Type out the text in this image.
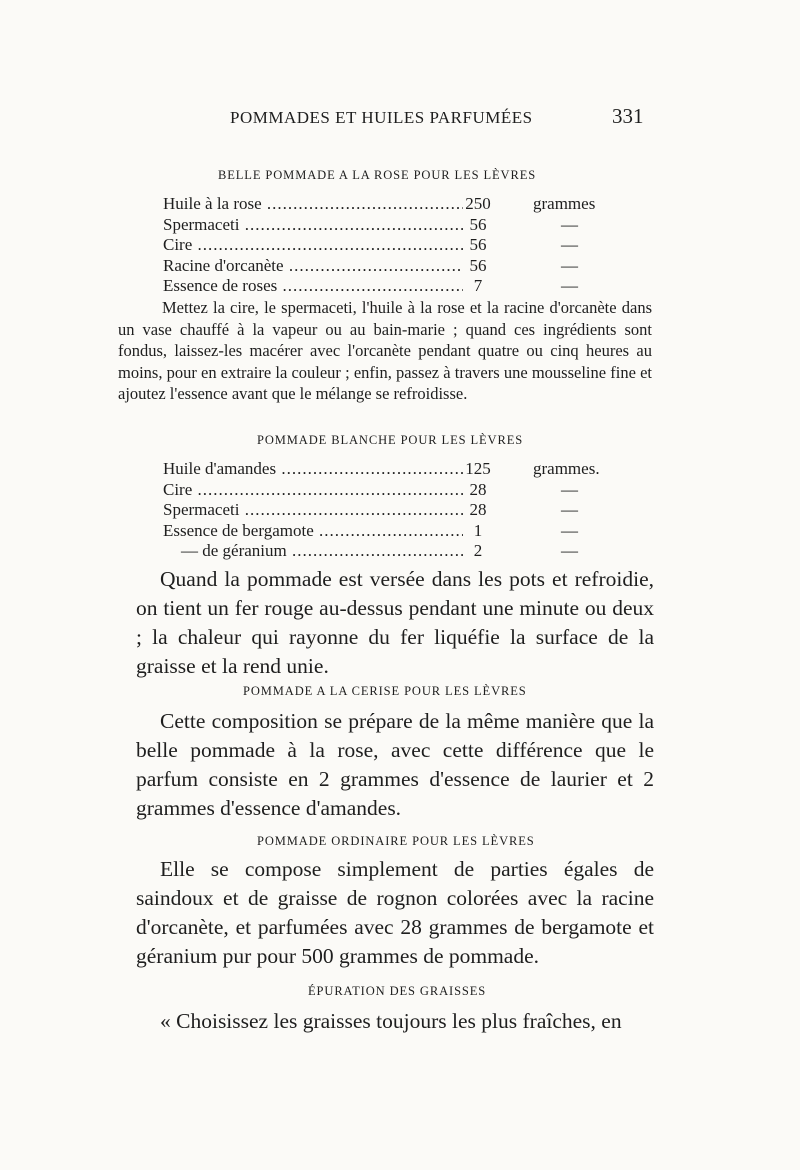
POMMADES ET HUILES PARFUMÉES	331
BELLE POMMADE A LA ROSE POUR LES LÈVRES
Huile à la rose .....	250 grammes
Spermaceti .....	56	—
Cire .....	56	—
Racine d'orcanète .....	56	—
Essence de roses .....	7	—

Mettez la cire, le spermaceti, l'huile à la rose et la racine d'orcanète dans un vase chauffé à la vapeur ou au bain-marie ; quand ces ingrédients sont fondus, laissez-les macérer avec l'orcanète pendant quatre ou cinq heures au moins, pour en extraire la couleur ; enfin, passez à travers une mousseline fine et ajoutez l'essence avant que le mélange se refroidisse.

POMMADE BLANCHE POUR LES LÈVRES
Huile d'amandes .....	125 grammes.
Cire .....	28	—
Spermaceti .....	28	—
Essence de bergamote .....	1	—
— de géranium .....	2	—

Quand la pommade est versée dans les pots et refroidie, on tient un fer rouge au-dessus pendant une minute ou deux ; la chaleur qui rayonne du fer liquéfie la surface de la graisse et la rend unie.

POMMADE A LA CERISE POUR LES LÈVRES

Cette composition se prépare de la même manière que la belle pommade à la rose, avec cette différence que le parfum consiste en 2 grammes d'essence de laurier et 2 grammes d'essence d'amandes.

POMMADE ORDINAIRE POUR LES LÈVRES

Elle se compose simplement de parties égales de saindoux et de graisse de rognon colorées avec la racine d'orcanète, et parfumées avec 28 grammes de bergamote et géranium pur pour 500 grammes de pommade.

ÉPURATION DES GRAISSES

« Choisissez les graisses toujours les plus fraîches, en
